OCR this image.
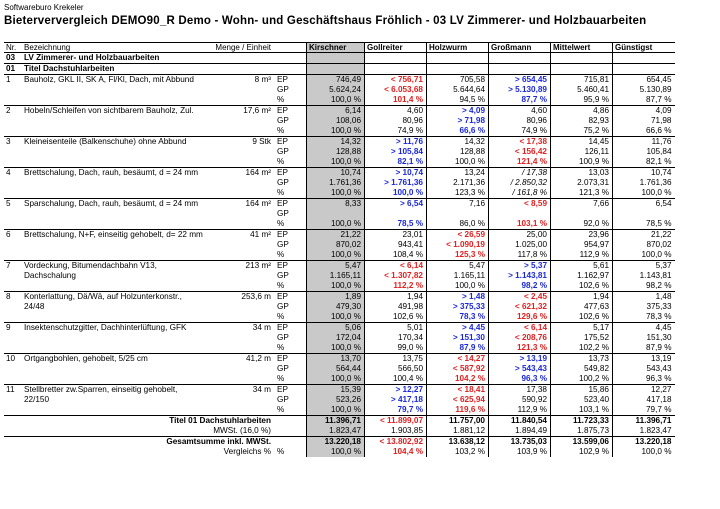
Softwareburo Krekeler
Bieterververgleich DEMO90_R Demo - Wohn- und Geschäftshaus Fröhlich - 03 LV Zimmerer- und Holzbauarbeiten
Nr.	Bezeichnung	Menge / Einheit		Kirschner	Gollreiter	Holzwurm	Großmann	Mittelwert	Günstigst
03	LV Zimmerer- und Holzbauarbeiten								
01	Titel Dachstuhlarbeiten								
1	Bauholz, GKL II, SK A, Fl/Kl, Dach, mit Abbund	8 m³	EP	746,49	< 756,71	705,58	> 654,45	715,81	654,45
			GP	5.624,24	< 6.053,68	5.644,64	> 5.130,89	5.460,41	5.130,89
			%	100,0 %	101,4 %	94,5 %	87,7 %	95,9 %	87,7 %
2	Hobeln/Schleifen von sichtbarem Bauholz, Zul.	17,6 m²	EP	6,14	4,60	> 4,09	4,60	4,86	4,09
			GP	108,06	80,96	> 71,98	80,96	82,93	71,98
			%	100,0 %	74,9 %	66,6 %	74,9 %	75,2 %	66,6 %
3	Kleineisenteile (Balkenschuhe) ohne Abbund	9 Stk	EP	14,32	> 11,76	14,32	< 17,38	14,45	11,76
			GP	128,88	> 105,84	128,88	< 156,42	126,11	105,84
			%	100,0 %	82,1 %	100,0 %	121,4 %	100,9 %	82,1 %
4	Brettschalung, Dach, rauh, besäumt, d = 24 mm	164 m²	EP	10,74	> 10,74	13,24	/ 17,38	13,03	10,74
			GP	1.761,36	> 1.761,36	2.171,36	/ 2.850,32	2.073,31	1.761,36
			%	100,0 %	100,0 %	123,3 %	/ 161,8 %	121,3 %	100,0 %
5	Sparschalung, Dach, rauh, besäumt, d = 24 mm	164 m²	EP	8,33	> 6,54	7,16	< 8,59	7,66	6,54
			GP						
			%	100,0 %	78,5 %	86,0 %	103,1 %	92,0 %	78,5 %
6	Brettschalung, N+F, einseitig gehobelt, d= 22 mm	41 m²	EP	21,22	23,01	< 26,59	25,00	23,96	21,22
			GP	870,02	943,41	< 1.090,19	1.025,00	954,97	870,02
			%	100,0 %	108,4 %	125,3 %	117,8 %	112,9 %	100,0 %
7	Vordeckung, Bitumendachbahn V13, Dachschalung	213 m²	EP	5,47	< 6,14	5,47	> 5,37	5,61	5,37
			GP	1.165,11	< 1.307,82	1.165,11	> 1.143,81	1.162,97	1.143,81
			%	100,0 %	112,2 %	100,0 %	98,2 %	102,6 %	98,2 %
8	Konterlattung, Dä/Wä, auf Holzunterkonstr., 24/48	253,6 m	EP	1,89	1,94	> 1,48	< 2,45	1,94	1,48
			GP	479,30	491,98	> 375,33	< 621,32	477,63	375,33
			%	100,0 %	102,6 %	78,3 %	129,6 %	102,6 %	78,3 %
9	Insektenschutzgitter, Dachhinterlüftung, GFK	34 m	EP	5,06	5,01	> 4,45	< 6,14	5,17	4,45
			GP	172,04	170,34	> 151,30	< 208,76	175,52	151,30
			%	100,0 %	99,0 %	87,9 %	121,3 %	102,2 %	87,9 %
10	Ortgangbohlen, gehobelt, 5/25 cm	41,2 m	EP	13,70	13,75	< 14,27	> 13,19	13,73	13,19
			GP	564,44	566,50	< 587,92	> 543,43	549,82	543,43
			%	100,0 %	100,4 %	104,2 %	96,3 %	100,2 %	96,3 %
11	Stellbretter zw.Sparren, einseitig gehobelt, 22/150	34 m	EP	15,39	> 12,27	< 18,41	17,38	15,86	12,27
			GP	523,26	> 417,18	< 625,94	590,92	523,40	417,18
			%	100,0 %	79,7 %	119,6 %	112,9 %	103,1 %	79,7 %
	Titel 01 Dachstuhlarbeiten			11.396,71	< 11.899,07	11.757,00	11.840,54	11.723,33	11.396,71
	MWSt. (16,0 %)			1.823,47	1.903,85	1.881,12	1.894,49	1.875,73	1.823,47
	Gesamtsumme inkl. MWSt.			13.220,18	< 13.802,92	13.638,12	13.735,03	13.599,06	13.220,18
	Vergleichs %		%	100,0 %	104,4 %	103,2 %	103,9 %	102,9 %	100,0 %
